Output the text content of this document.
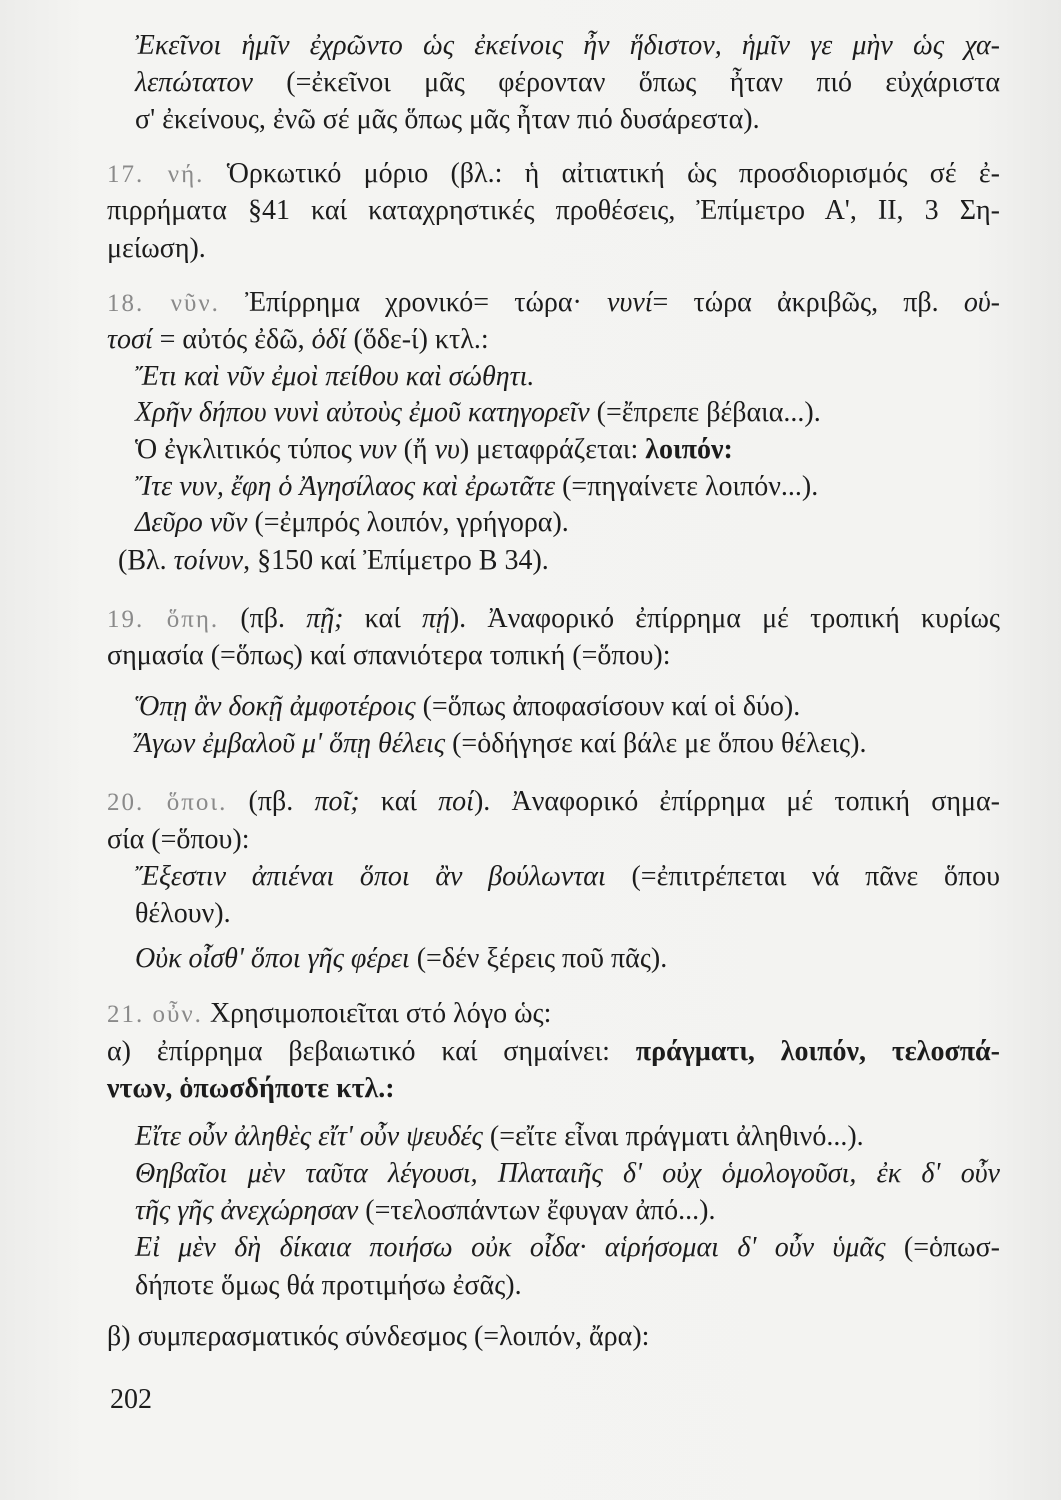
Ἐκεῖνοι ἡμῖν ἐχρῶντο ὡς ἐκείνοις ἦν ἥδιστον, ἡμῖν γε μὴν ὡς χα-
λεπώτατον (=ἐκεῖνοι μᾶς φέρονταν ὅπως ἦταν πιό εὐχάριστα
σ' ἐκείνους, ἐνῶ σέ μᾶς ὅπως μᾶς ἦταν πιό δυσάρεστα).
17. νή. Ὁρκωτικό μόριο (βλ.: ἡ αἰτιατική ὡς προσδιορισμός σέ ἐ-
πιρρήματα §41 καί καταχρηστικές προθέσεις, Ἐπίμετρο Α', ΙΙ, 3 Ση-
μείωση).
18. νῦν. Ἐπίρρημα χρονικό= τώρα· νυνί= τώρα ἀκριβῶς, πβ. οὑ-
τοσί = αὐτός ἐδῶ, ὁδί (ὅδε-ί) κτλ.:
Ἔτι καὶ νῦν ἐμοὶ πείθου καὶ σώθητι.
Χρῆν δήπου νυνὶ αὐτοὺς ἐμοῦ κατηγορεῖν (=ἔπρεπε βέβαια...).
Ὁ ἐγκλιτικός τύπος νυν (ἤ νυ) μεταφράζεται: λοιπόν:
Ἴτε νυν, ἔφη ὁ Ἀγησίλαος καὶ ἐρωτᾶτε (=πηγαίνετε λοιπόν...).
Δεῦρο νῦν (=ἐμπρός λοιπόν, γρήγορα).
(Βλ. τοίνυν, §150 καί Ἐπίμετρο Β 34).
19. ὅπη. (πβ. πῇ; καί πῄ). Ἀναφορικό ἐπίρρημα μέ τροπική κυρίως
σημασία (=ὅπως) καί σπανιότερα τοπική (=ὅπου):
Ὅπῃ ἂν δοκῇ ἀμφοτέροις (=ὅπως ἀποφασίσουν καί οἱ δύο).
Ἄγων ἐμβαλοῦ μ' ὅπῃ θέλεις (=ὁδήγησε καί βάλε με ὅπου θέλεις).
20. ὅποι. (πβ. ποῖ; καί ποί). Ἀναφορικό ἐπίρρημα μέ τοπική σημα-
σία (=ὅπου):
Ἔξεστιν ἀπιέναι ὅποι ἂν βούλωνται (=ἐπιτρέπεται νά πᾶνε ὅπου
θέλουν).
Οὐκ οἶσθ' ὅποι γῆς φέρει (=δέν ξέρεις ποῦ πᾶς).
21. οὖν. Χρησιμοποιεῖται στό λόγο ὡς:
α) ἐπίρρημα βεβαιωτικό καί σημαίνει: πράγματι, λοιπόν, τελοσπά-
ντων, ὁπωσδήποτε κτλ.:
Εἴτε οὖν ἀληθὲς εἴτ' οὖν ψευδές (=εἴτε εἶναι πράγματι ἀληθινό...).
Θηβαῖοι μὲν ταῦτα λέγουσι, Πλαταιῆς δ' οὐχ ὁμολογοῦσι, ἐκ δ' οὖν
τῆς γῆς ἀνεχώρησαν (=τελοσπάντων ἔφυγαν ἀπό...).
Εἰ μὲν δὴ δίκαια ποιήσω οὐκ οἶδα· αἱρήσομαι δ' οὖν ὑμᾶς (=ὁπωσ-
δήποτε ὅμως θά προτιμήσω ἐσᾶς).
β) συμπερασματικός σύνδεσμος (=λοιπόν, ἄρα):
202
